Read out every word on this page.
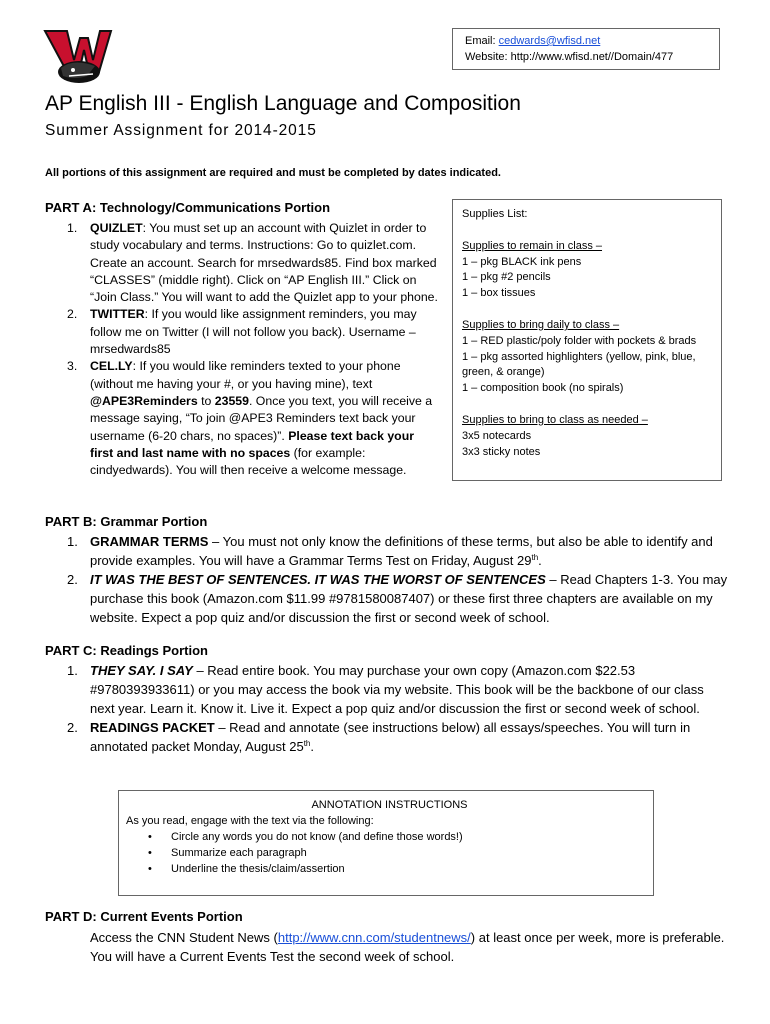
Email: cedwards@wfisd.net
Website: http://www.wfisd.net//Domain/477
AP English III - English Language and Composition
Summer Assignment for 2014-2015
All portions of this assignment are required and must be completed by dates indicated.
PART A: Technology/Communications Portion
1. QUIZLET: You must set up an account with Quizlet in order to study vocabulary and terms. Instructions: Go to quizlet.com. Create an account. Search for mrsedwards85. Find box marked “CLASSES” (middle right). Click on “AP English III.” Click on “Join Class.” You will want to add the Quizlet app to your phone.
2. TWITTER: If you would like assignment reminders, you may follow me on Twitter (I will not follow you back). Username – mrsedwards85
3. CEL.LY: If you would like reminders texted to your phone (without me having your #, or you having mine), text @APE3Reminders to 23559. Once you text, you will receive a message saying, “To join @APE3 Reminders text back your username (6-20 chars, no spaces)”. Please text back your first and last name with no spaces (for example: cindyedwards). You will then receive a welcome message.
Supplies List:
Supplies to remain in class –
1 – pkg BLACK ink pens
1 – pkg #2 pencils
1 – box tissues
Supplies to bring daily to class –
1 – RED plastic/poly folder with pockets & brads
1 – pkg assorted highlighters (yellow, pink, blue, green, & orange)
1 – composition book (no spirals)
Supplies to bring to class as needed –
3x5 notecards
3x3 sticky notes
PART B: Grammar Portion
1. GRAMMAR TERMS – You must not only know the definitions of these terms, but also be able to identify and provide examples. You will have a Grammar Terms Test on Friday, August 29th.
2. IT WAS THE BEST OF SENTENCES. IT WAS THE WORST OF SENTENCES – Read Chapters 1-3. You may purchase this book (Amazon.com $11.99 #9781580087407) or these first three chapters are available on my website. Expect a pop quiz and/or discussion the first or second week of school.
PART C: Readings Portion
1. THEY SAY. I SAY – Read entire book. You may purchase your own copy (Amazon.com $22.53 #9780393933611) or you may access the book via my website. This book will be the backbone of our class next year. Learn it. Know it. Live it. Expect a pop quiz and/or discussion the first or second week of school.
2. READINGS PACKET – Read and annotate (see instructions below) all essays/speeches. You will turn in annotated packet Monday, August 25th.
ANNOTATION INSTRUCTIONS
As you read, engage with the text via the following:
• Circle any words you do not know (and define those words!)
• Summarize each paragraph
• Underline the thesis/claim/assertion
PART D: Current Events Portion
Access the CNN Student News (http://www.cnn.com/studentnews/) at least once per week, more is preferable. You will have a Current Events Test the second week of school.
